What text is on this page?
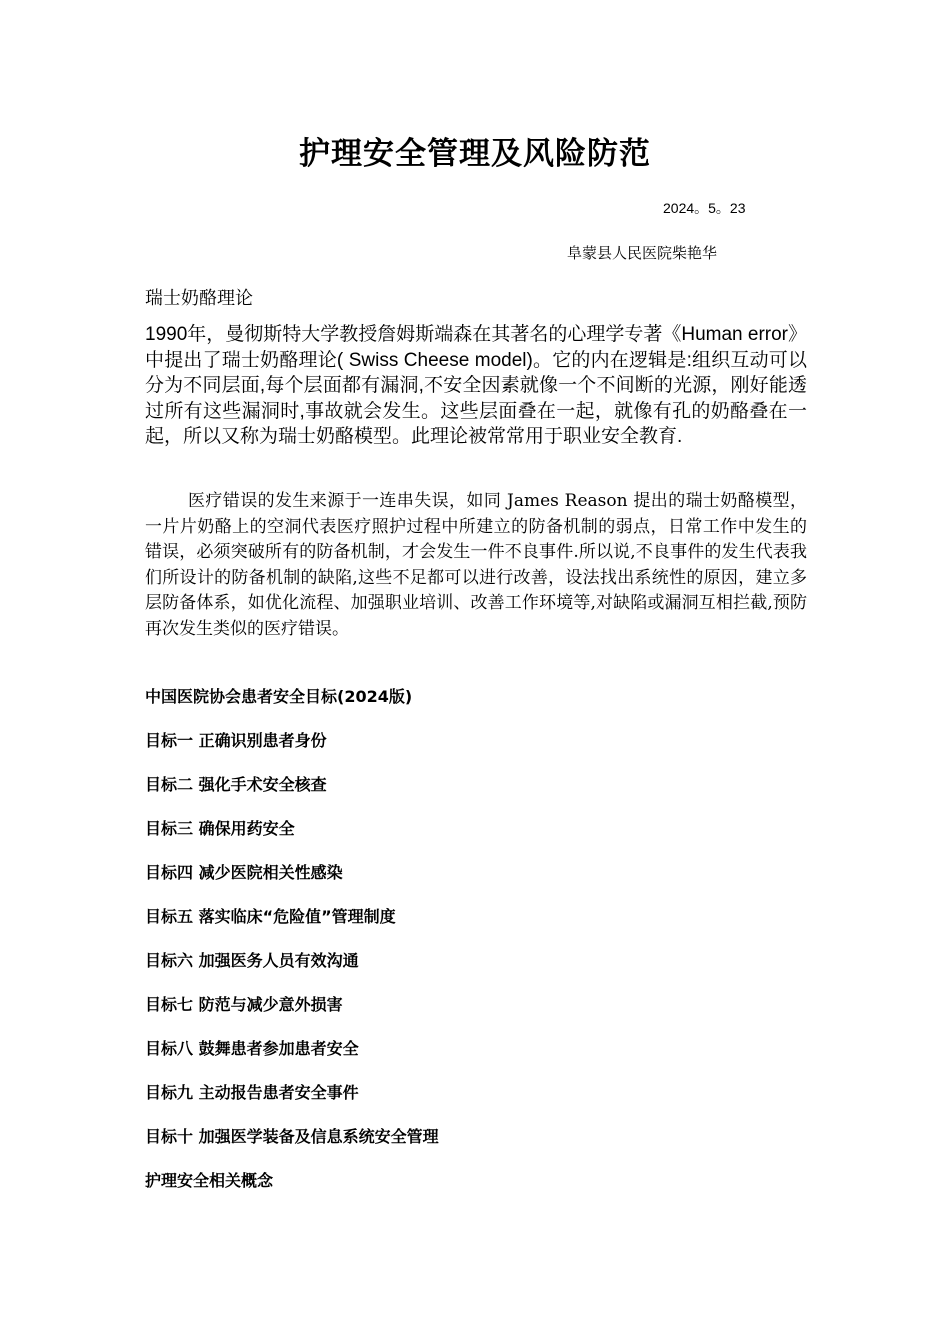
护理安全管理及风险防范
2024。5。23
阜蒙县人民医院柴艳华
瑞士奶酪理论
1990年，曼彻斯特大学教授詹姆斯端森在其著名的心理学专著《Human error》中提出了瑞士奶酪理论( Swiss Cheese model)。它的内在逻辑是:组织互动可以分为不同层面,每个层面都有漏洞,不安全因素就像一个不间断的光源，刚好能透过所有这些漏洞时,事故就会发生。这些层面叠在一起，就像有孔的奶酪叠在一起，所以又称为瑞士奶酪模型。此理论被常常用于职业安全教育.
医疗错误的发生来源于一连串失误，如同 James Reason 提出的瑞士奶酪模型，一片片奶酪上的空洞代表医疗照护过程中所建立的防备机制的弱点，日常工作中发生的错误，必须突破所有的防备机制，才会发生一件不良事件.所以说,不良事件的发生代表我们所设计的防备机制的缺陷,这些不足都可以进行改善，设法找出系统性的原因，建立多层防备体系，如优化流程、加强职业培训、改善工作环境等,对缺陷或漏洞互相拦截,预防再次发生类似的医疗错误。
中国医院协会患者安全目标(2024版)
目标一 正确识别患者身份
目标二 强化手术安全核查
目标三 确保用药安全
目标四 减少医院相关性感染
目标五 落实临床“危险值”管理制度
目标六 加强医务人员有效沟通
目标七 防范与减少意外损害
目标八 鼓舞患者参加患者安全
目标九 主动报告患者安全事件
目标十 加强医学装备及信息系统安全管理
护理安全相关概念
